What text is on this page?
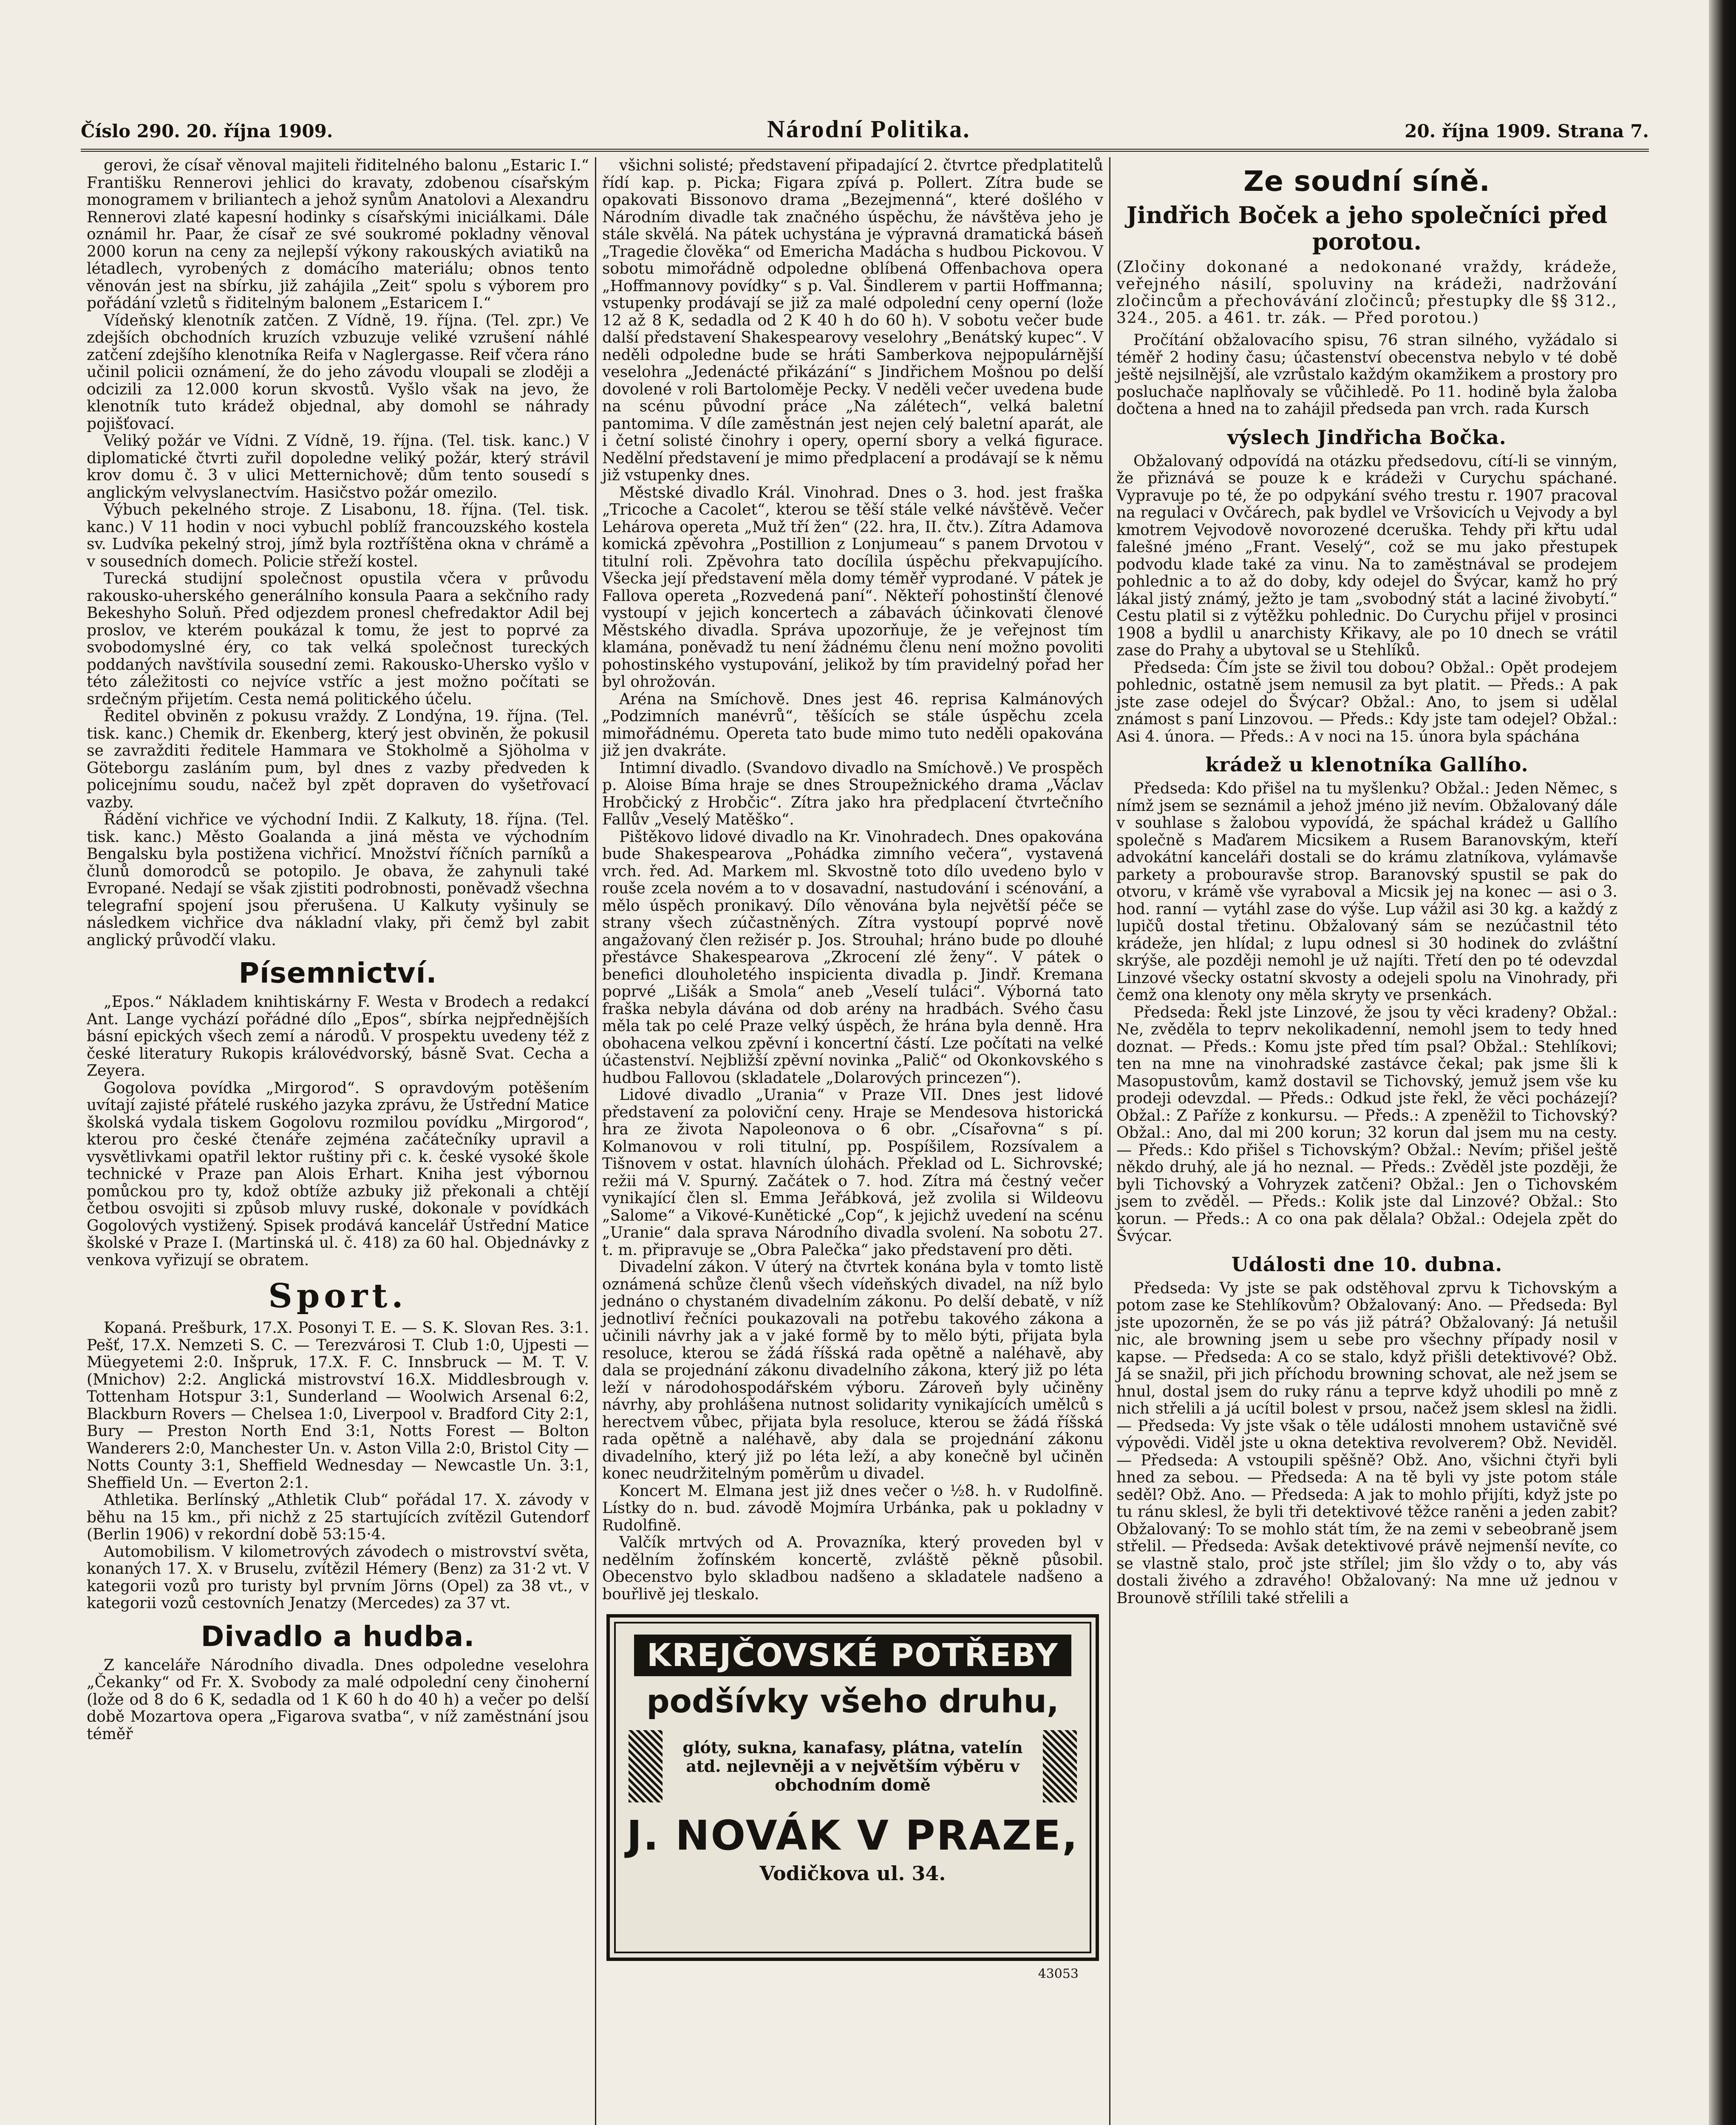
Číslo 290. 20. října 1909.	Národní Politika.	20. října 1909. Strana 7.

gerovi, že císař věnoval majiteli řiditelného balonu „Estaric I.“ Františku Rennerovi jehlici do kravaty, zdobenou císařským monogramem v briliantech a jehož synům Anatolovi a Alexandru Rennerovi zlaté kapesní hodinky s císařskými iniciálkami. Dále oznámil hr. Paar, že císař ze své soukromé pokladny věnoval 2000 korun na ceny za nejlepší výkony rakouských aviatiků na létadlech, vyrobených z domácího materiálu; obnos tento věnován jest na sbírku, již zahájila „Zeit“ spolu s výborem pro pořádání vzletů s řiditelným balonem „Estaricem I.“

Vídeňský klenotník zatčen. Z Vídně, 19. října. (Tel. zpr.) Ve zdejších obchodních kruzích vzbuzuje veliké vzrušení náhlé zatčení zdejšího klenotníka Reifa v Naglergasse. Reif včera ráno učinil policii oznámení, že do jeho závodu vloupali se zloději a odcizili za 12.000 korun skvostů. Vyšlo však na jevo, že klenotník tuto krádež objednal, aby domohl se náhrady pojišťovací.

Veliký požár ve Vídni. Z Vídně, 19. října. (Tel. tisk. kanc.) V diplomatické čtvrti zuřil dopoledne veliký požár, který strávil krov domu č. 3 v ulici Metternichově; dům tento sousedí s anglickým velvyslanectvím. Hasičstvo požár omezilo.

Výbuch pekelného stroje. Z Lisabonu, 18. října. (Tel. tisk. kanc.) V 11 hodin v noci vybuchl poblíž francouzského kostela sv. Ludvíka pekelný stroj, jímž byla roztříštěna okna v chrámě a v sousedních domech. Policie střeží kostel.

Turecká studijní společnost opustila včera v průvodu rakousko-uherského generálního konsula Paara a sekčního rady Bekeshyho Soluň. Před odjezdem pronesl chefredaktor Adil bej proslov, ve kterém poukázal k tomu, že jest to poprvé za svobodomyslné éry, co tak velká společnost tureckých poddaných navštívila sousední zemi. Rakousko-Uhersko vyšlo v této záležitosti co nejvíce vstříc a jest možno počítati se srdečným přijetím. Cesta nemá politického účelu.

Ředitel obviněn z pokusu vraždy. Z Londýna, 19. října. (Tel. tisk. kanc.) Chemik dr. Ekenberg, který jest obviněn, že pokusil se zavražditi ředitele Hammara ve Stokholmě a Sjöholma v Göteborgu zasláním pum, byl dnes z vazby předveden k policejnímu soudu, načež byl zpět dopraven do vyšetřovací vazby.

Řádění vichřice ve východní Indii. Z Kalkuty, 18. října. (Tel. tisk. kanc.) Město Goalanda a jiná města ve východním Bengalsku byla postižena vichřicí. Množství říčních parníků a člunů domorodců se potopilo. Je obava, že zahynuli také Evropané. Nedají se však zjistiti podrobnosti, poněvadž všechna telegrafní spojení jsou přerušena. U Kalkuty vyšinuly se následkem vichřice dva nákladní vlaky, při čemž byl zabit anglický průvodčí vlaku.

Písemnictví.

„Epos.“ Nákladem knihtiskárny F. Westa v Brodech a redakcí Ant. Lange vychází pořádné dílo „Epos“, sbírka nejpřednějších básní epických všech zemí a národů. V prospektu uvedeny též z české literatury Rukopis královédvorský, básně Svat. Cecha a Zeyera.

Gogolova povídka „Mirgorod“. S opravdovým potěšením uvítají zajisté přátelé ruského jazyka zprávu, že Ústřední Matice školská vydala tiskem Gogolovu rozmilou povídku „Mirgorod“, kterou pro české čtenáře zejména začátečníky upravil a vysvětlivkami opatřil lektor ruštiny při c. k. české vysoké škole technické v Praze pan Alois Erhart. Kniha jest výbornou pomůckou pro ty, kdož obtíže azbuky již překonali a chtějí četbou osvojiti si způsob mluvy ruské, dokonale v povídkách Gogolových vystižený. Spisek prodává kancelář Ústřední Matice školské v Praze I. (Martinská ul. č. 418) za 60 hal. Objednávky z venkova vyřizují se obratem.

Sport.

Kopaná. Prešburk, 17.X. Posonyi T. E. — S. K. Slovan Res. 3:1. Pešť, 17.X. Nemzeti S. C. — Terezvárosi T. Club 1:0, Ujpesti — Müegyetemi 2:0. Inšpruk, 17.X. F. C. Innsbruck — M. T. V. (Mnichov) 2:2. Anglická mistrovství 16.X. Middlesbrough v. Tottenham Hotspur 3:1, Sunderland — Woolwich Arsenal 6:2, Blackburn Rovers — Chelsea 1:0, Liverpool v. Bradford City 2:1, Bury — Preston North End 3:1, Notts Forest — Bolton Wanderers 2:0, Manchester Un. v. Aston Villa 2:0, Bristol City — Notts County 3:1, Sheffield Wednesday — Newcastle Un. 3:1, Sheffield Un. — Everton 2:1.

Athletika. Berlínský „Athletik Club“ pořádal 17. X. závody v běhu na 15 km., při nichž z 25 startujících zvítězil Gutendorf (Berlin 1906) v rekordní době 53:15·4.

Automobilism. V kilometrových závodech o mistrovství světa, konaných 17. X. v Bruselu, zvítězil Hémery (Benz) za 31·2 vt. V kategorii vozů pro turisty byl prvním Jörns (Opel) za 38 vt., v kategorii vozů cestovních Jenatzy (Mercedes) za 37 vt.

Divadlo a hudba.

Z kanceláře Národního divadla. Dnes odpoledne veselohra „Čekanky“ od Fr. X. Svobody za malé odpolední ceny činoherní (lože od 8 do 6 K, sedadla od 1 K 60 h do 40 h) a večer po delší době Mozartova opera „Figarova svatba“, v níž zaměstnání jsou téměř

všichni solisté; představení připadající 2. čtvrtce předplatitelů řídí kap. p. Picka; Figara zpívá p. Pollert. Zítra bude se opakovati Bissonovo drama „Bezejmenná“, které došlého v Národním divadle tak značného úspěchu, že návštěva jeho je stále skvělá. Na pátek uchystána je výpravná dramatická báseň „Tragedie člověka“ od Emericha Madácha s hudbou Pickovou. V sobotu mimořádně odpoledne oblíbená Offenbachova opera „Hoffmannovy povídky“ s p. Val. Šindlerem v partii Hoffmanna; vstupenky prodávají se již za malé odpolední ceny operní (lože 12 až 8 K, sedadla od 2 K 40 h do 60 h). V sobotu večer bude další představení Shakespearovy veselohry „Benátský kupec“. V neděli odpoledne bude se hráti Samberkova nejpopulárnější veselohra „Jedenácté přikázání“ s Jindřichem Mošnou po delší dovolené v roli Bartoloměje Pecky. V neděli večer uvedena bude na scénu původní práce „Na zálétech“, velká baletní pantomima. V díle zaměstnán jest nejen celý baletní aparát, ale i četní solisté činohry i opery, operní sbory a velká figurace. Nedělní představení je mimo předplacení a prodávají se k němu již vstupenky dnes.

Městské divadlo Král. Vinohrad. Dnes o 3. hod. jest fraška „Tricoche a Cacolet“, kterou se těší stále velké návštěvě. Večer Lehárova opereta „Muž tří žen“ (22. hra, II. čtv.). Zítra Adamova komická zpěvohra „Postillion z Lonjumeau“ s panem Drvotou v titulní roli. Zpěvohra tato docílila úspěchu překvapujícího. Všecka její představení měla domy téměř vyprodané. V pátek je Fallova opereta „Rozvedená paní“. Někteří pohostinští členové vystoupí v jejich koncertech a zábavách účinkovati členové Městského divadla. Správa upozorňuje, že je veřejnost tím klamána, poněvadž tu není žádnému členu není možno povoliti pohostinského vystupování, jelikož by tím pravidelný pořad her byl ohrožován.

Aréna na Smíchově. Dnes jest 46. reprisa Kalmánových „Podzimních manévrů“, těšících se stále úspěchu zcela mimořádnému. Opereta tato bude mimo tuto neděli opakována již jen dvakráte.

Intimní divadlo. (Svandovo divadlo na Smíchově.) Ve prospěch p. Aloise Bíma hraje se dnes Stroupežnického drama „Václav Hrobčický z Hrobčic“. Zítra jako hra předplacení čtvrtečního Fallův „Veselý Matěško“.

Pištěkovo lidové divadlo na Kr. Vinohradech. Dnes opakována bude Shakespearova „Pohádka zimního večera“, vystavená vrch. řed. Ad. Markem ml. Skvostně toto dílo uvedeno bylo v rouše zcela novém a to v dosavadní, nastudování i scénování, a mělo úspěch pronikavý. Dílo věnována byla největší péče se strany všech zúčastněných. Zítra vystoupí poprvé nově angažovaný člen režisér p. Jos. Strouhal; hráno bude po dlouhé přestávce Shakespearova „Zkrocení zlé ženy“. V pátek o benefici dlouholetého inspicienta divadla p. Jindř. Kremana poprvé „Lišák a Smola“ aneb „Veselí tuláci“. Výborná tato fraška nebyla dávána od dob arény na hradbách. Svého času měla tak po celé Praze velký úspěch, že hrána byla denně. Hra obohacena velkou zpěvní i koncertní částí. Lze počítati na velké účastenství. Nejbližší zpěvní novinka „Palič“ od Okonkovského s hudbou Fallovou (skladatele „Dolarových princezen“).

Lidové divadlo „Urania“ v Praze VII. Dnes jest lidové představení za poloviční ceny. Hraje se Mendesova historická hra ze života Napoleonova o 6 obr. „Císařovna“ s pí. Kolmanovou v roli titulní, pp. Pospíšilem, Rozsívalem a Tišnovem v ostat. hlavních úlohách. Překlad od L. Sichrovské; režii má V. Spurný. Začátek o 7. hod. Zítra má čestný večer vynikající člen sl. Emma Jeřábková, jež zvolila si Wildeovu „Salome“ a Vikové-Kunětické „Cop“, k jejichž uvedení na scénu „Uranie“ dala sprava Národního divadla svolení. Na sobotu 27. t. m. připravuje se „Obra Palečka“ jako představení pro děti.

Divadelní zákon. V úterý na čtvrtek konána byla v tomto listě oznámená schůze členů všech vídeňských divadel, na níž bylo jednáno o chystaném divadelním zákonu. Po delší debatě, v níž jednotliví řečníci poukazovali na potřebu takového zákona a učinili návrhy jak a v jaké formě by to mělo býti, přijata byla resoluce, kterou se žádá říšská rada opětně a naléhavě, aby dala se projednání zákonu divadelního zákona, který již po léta leží v národohospodářském výboru. Zároveň byly učiněny návrhy, aby prohlášena nutnost solidarity vynikajících umělců s herectvem vůbec, přijata byla resoluce, kterou se žádá říšská rada opětně a naléhavě, aby dala se projednání zákonu divadelního, který již po léta leží, a aby konečně byl učiněn konec neudržitelným poměrům u divadel.

Koncert M. Elmana jest již dnes večer o ½8. h. v Rudolfině. Lístky do n. bud. závodě Mojmíra Urbánka, pak u pokladny v Rudolfině.

Valčík mrtvých od A. Provazníka, který proveden byl v nedělním žofínském koncertě, zvláště pěkně působil. Obecenstvo bylo skladbou nadšeno a skladatele nadšeno a bouřlivě jej tleskalo.

KREJČOVSKÉ POTŘEBY
podšívky všeho druhu,
glóty, sukna, kanafasy, plátna, vatelín atd. nejlevněji a v největším výběru v obchodním domě
J. NOVÁK V PRAZE,
Vodičkova ul. 34.
43053
Ze soudní síně.
Jindřich Boček a jeho společníci před porotou.
(Zločiny dokonané a nedokonané vraždy, krádeže, veřejného násilí, spoluviny na krádeži, nadržování zločincům a přechovávání zločinců; přestupky dle §§ 312., 324., 205. a 461. tr. zák. — Před porotou.)

Pročítání obžalovacího spisu, 76 stran silného, vyžádalo si téměř 2 hodiny času; účastenství obecenstva nebylo v té době ještě nejsilnější, ale vzrůstalo každým okamžikem a prostory pro posluchače naplňovaly se vůčihledě. Po 11. hodině byla žaloba dočtena a hned na to zahájil předseda pan vrch. rada Kursch

výslech Jindřicha Bočka.

Obžalovaný odpovídá na otázku předsedovu, cítí-li se vinným, že přiznává se pouze k e krádeži v Curychu spáchané. Vypravuje po té, že po odpykání svého trestu r. 1907 pracoval na regulaci v Ovčárech, pak bydlel ve Vršovicích u Vejvody a byl kmotrem Vejvodově novorozené dceruška. Tehdy při křtu udal falešné jméno „Frant. Veselý“, což se mu jako přestupek podvodu klade také za vinu. Na to zaměstnával se prodejem pohlednic a to až do doby, kdy odejel do Švýcar, kamž ho prý lákal jistý známý, ježto je tam „svobodný stát a laciné živobytí.“ Cestu platil si z výtěžku pohlednic. Do Curychu přijel v prosinci 1908 a bydlil u anarchisty Křikavy, ale po 10 dnech se vrátil zase do Prahy a ubytoval se u Stehlíků.

Předseda: Čím jste se živil tou dobou? Obžal.: Opět prodejem pohlednic, ostatně jsem nemusil za byt platit. — Předs.: A pak jste zase odejel do Švýcar? Obžal.: Ano, to jsem si udělal známost s paní Linzovou. — Předs.: Kdy jste tam odejel? Obžal.: Asi 4. února. — Předs.: A v noci na 15. února byla spáchána

krádež u klenotníka Gallího.

Předseda: Kdo přišel na tu myšlenku? Obžal.: Jeden Němec, s nímž jsem se seznámil a jehož jméno již nevím. Obžalovaný dále v souhlase s žalobou vypovídá, že spáchal krádež u Gallího společně s Maďarem Micsikem a Rusem Baranovským, kteří advokátní kanceláři dostali se do krámu zlatníkova, vylámavše parkety a probouravše strop. Baranovský spustil se pak do otvoru, v krámě vše vyraboval a Micsik jej na konec — asi o 3. hod. ranní — vytáhl zase do výše. Lup vážil asi 30 kg. a každý z lupičů dostal třetinu. Obžalovaný sám se nezúčastnil této krádeže, jen hlídal; z lupu odnesl si 30 hodinek do zvláštní skrýše, ale později nemohl je už najíti. Třetí den po té odevzdal Linzové všecky ostatní skvosty a odejeli spolu na Vinohrady, při čemž ona klenoty ony měla skryty ve prsenkách.

Předseda: Řekl jste Linzové, že jsou ty věci kradeny? Obžal.: Ne, zvěděla to teprv nekolikadenní, nemohl jsem to tedy hned doznat. — Předs.: Komu jste před tím psal? Obžal.: Stehlíkovi; ten na mne na vinohradské zastávce čekal; pak jsme šli k Masopustovům, kamž dostavil se Tichovský, jemuž jsem vše ku prodeji odevzdal. — Předs.: Odkud jste řekl, že věci pocházejí? Obžal.: Z Paříže z konkursu. — Předs.: A zpeněžil to Tichovský? Obžal.: Ano, dal mi 200 korun; 32 korun dal jsem mu na cesty. — Předs.: Kdo přišel s Tichovským? Obžal.: Nevím; přišel ještě někdo druhý, ale já ho neznal. — Předs.: Zvěděl jste později, že byli Tichovský a Vohryzek zatčeni? Obžal.: Jen o Tichovském jsem to zvěděl. — Předs.: Kolik jste dal Linzové? Obžal.: Sto korun. — Předs.: A co ona pak dělala? Obžal.: Odejela zpět do Švýcar.

Události dne 10. dubna.

Předseda: Vy jste se pak odstěhoval zprvu k Tichovským a potom zase ke Stehlíkovům? Obžalovaný: Ano. — Předseda: Byl jste upozorněn, že se po vás již pátrá? Obžalovaný: Já netušil nic, ale browning jsem u sebe pro všechny případy nosil v kapse. — Předseda: A co se stalo, když přišli detektivové? Obž. Já se snažil, při jich příchodu browning schovat, ale než jsem se hnul, dostal jsem do ruky ránu a teprve když uhodili po mně z nich střelili a já ucítil bolest v prsou, načež jsem sklesl na židli. — Předseda: Vy jste však o těle události mnohem ustavičně své výpovědi. Viděl jste u okna detektiva revolverem? Obž. Neviděl. — Předseda: A vstoupili spěšně? Obž. Ano, všichni čtyři byli hned za sebou. — Předseda: A na tě byli vy jste potom stále seděl? Obž. Ano. — Předseda: A jak to mohlo přijíti, když jste po tu ránu sklesl, že byli tři detektivové těžce raněni a jeden zabit? Obžalovaný: To se mohlo stát tím, že na zemi v sebeobraně jsem střelil. — Předseda: Avšak detektivové právě nejmenší nevíte, co se vlastně stalo, proč jste střílel; jim šlo vždy o to, aby vás dostali živého a zdravého! Obžalovaný: Na mne už jednou v Brounově střílili také střelili a
